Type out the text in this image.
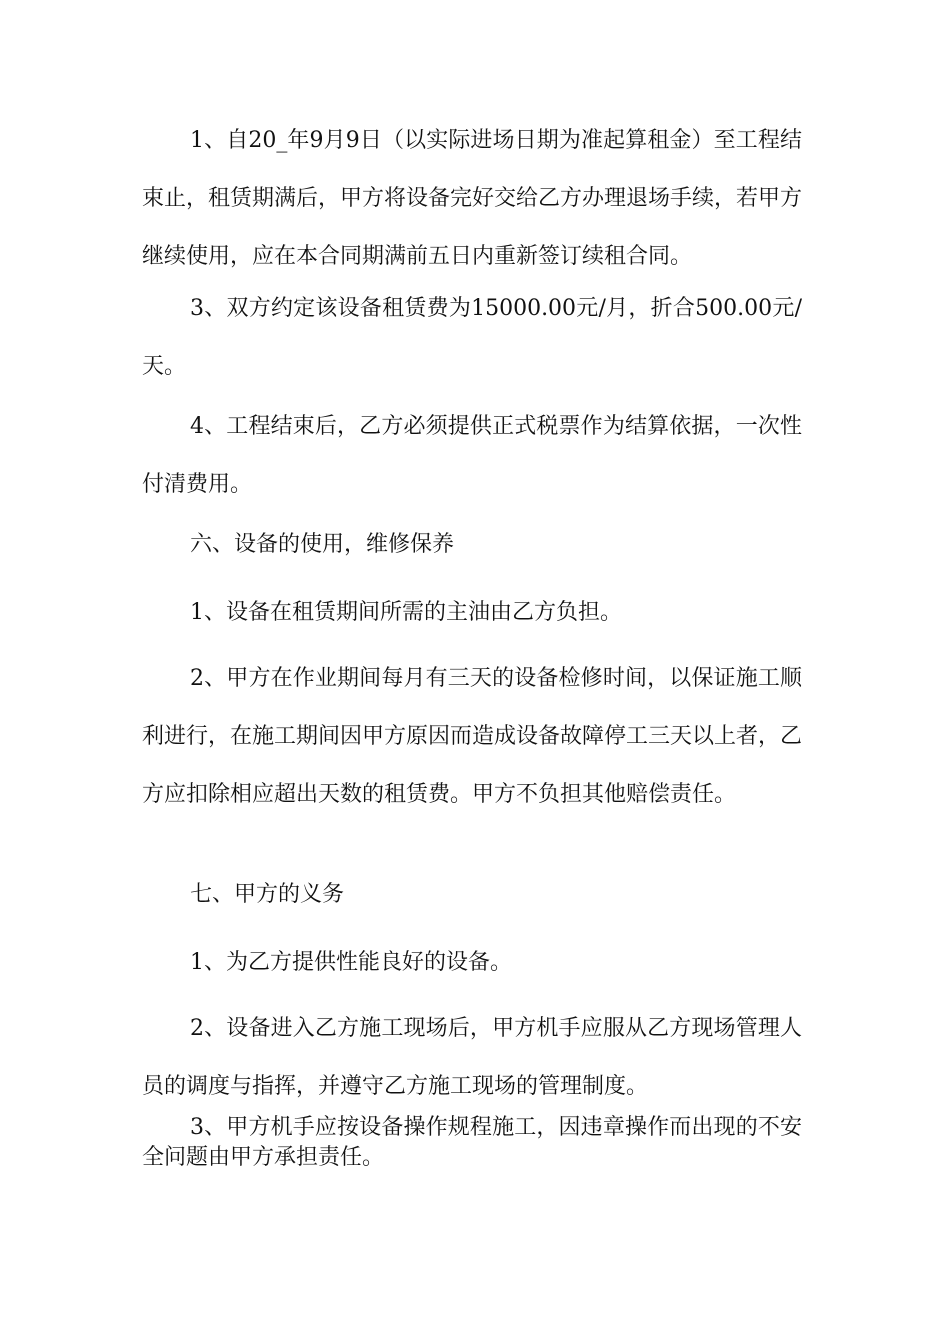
1、自20_年9月9日（以实际进场日期为准起算租金）至工程结束止，租赁期满后，甲方将设备完好交给乙方办理退场手续，若甲方继续使用，应在本合同期满前五日内重新签订续租合同。

3、双方约定该设备租赁费为15000.00元/月，折合500.00元/天。

4、工程结束后，乙方必须提供正式税票作为结算依据，一次性付清费用。

六、设备的使用，维修保养

1、设备在租赁期间所需的主油由乙方负担。

2、甲方在作业期间每月有三天的设备检修时间，以保证施工顺利进行，在施工期间因甲方原因而造成设备故障停工三天以上者，乙方应扣除相应超出天数的租赁费。甲方不负担其他赔偿责任。

七、甲方的义务

1、为乙方提供性能良好的设备。

2、设备进入乙方施工现场后，甲方机手应服从乙方现场管理人员的调度与指挥，并遵守乙方施工现场的管理制度。

3、甲方机手应按设备操作规程施工，因违章操作而出现的不安全问题由甲方承担责任。
